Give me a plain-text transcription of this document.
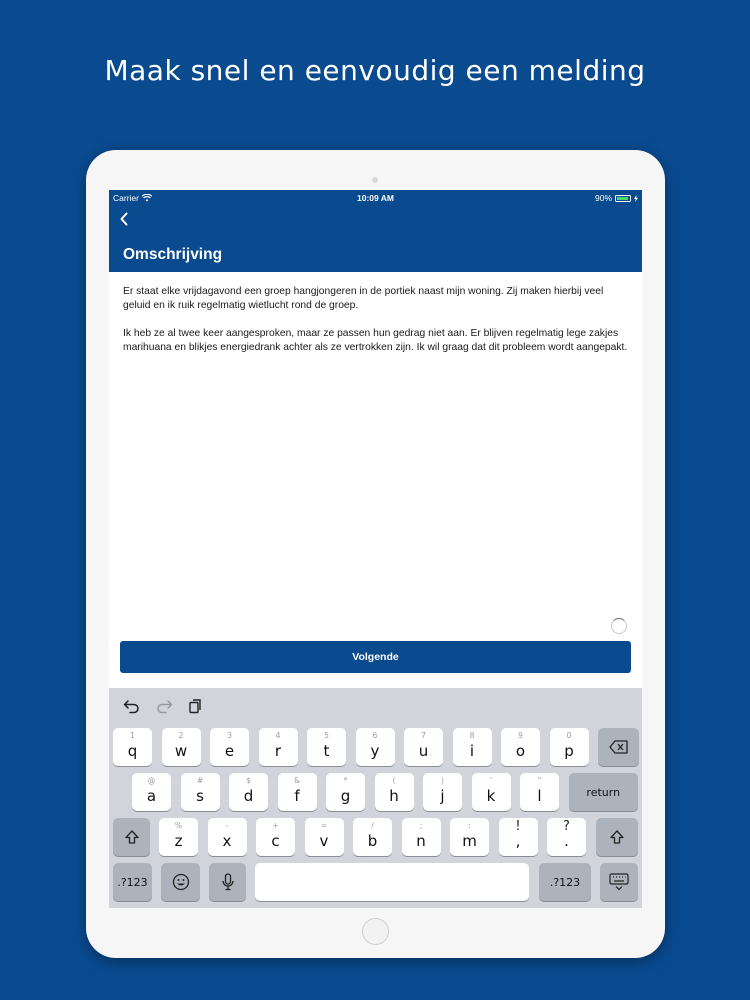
Maak snel en eenvoudig een melding
Carrier	10:09 AM	90%
Omschrijving

Er staat elke vrijdagavond een groep hangjongeren in de portiek naast mijn woning. Zij maken hierbij veel geluid en ik ruik regelmatig wietlucht rond de groep.

Ik heb ze al twee keer aangesproken, maar ze passen hun gedrag niet aan. Er blijven regelmatig lege zakjes marihuana en blikjes energiedrank achter als ze vertrokken zijn. Ik wil graag dat dit probleem wordt aangepakt.

Volgende
1
q
2
w
3
e
4
r
5
t
6
y
7
u
8
i
9
o
0
p
@
a
#
s
$
d
&
f
*
g
(
h
)
j
'
k
"
l	return
%
z
-
x
+
c
=
v
/
b
;
n
:
m
!
,
?
.
.?123	.?123
